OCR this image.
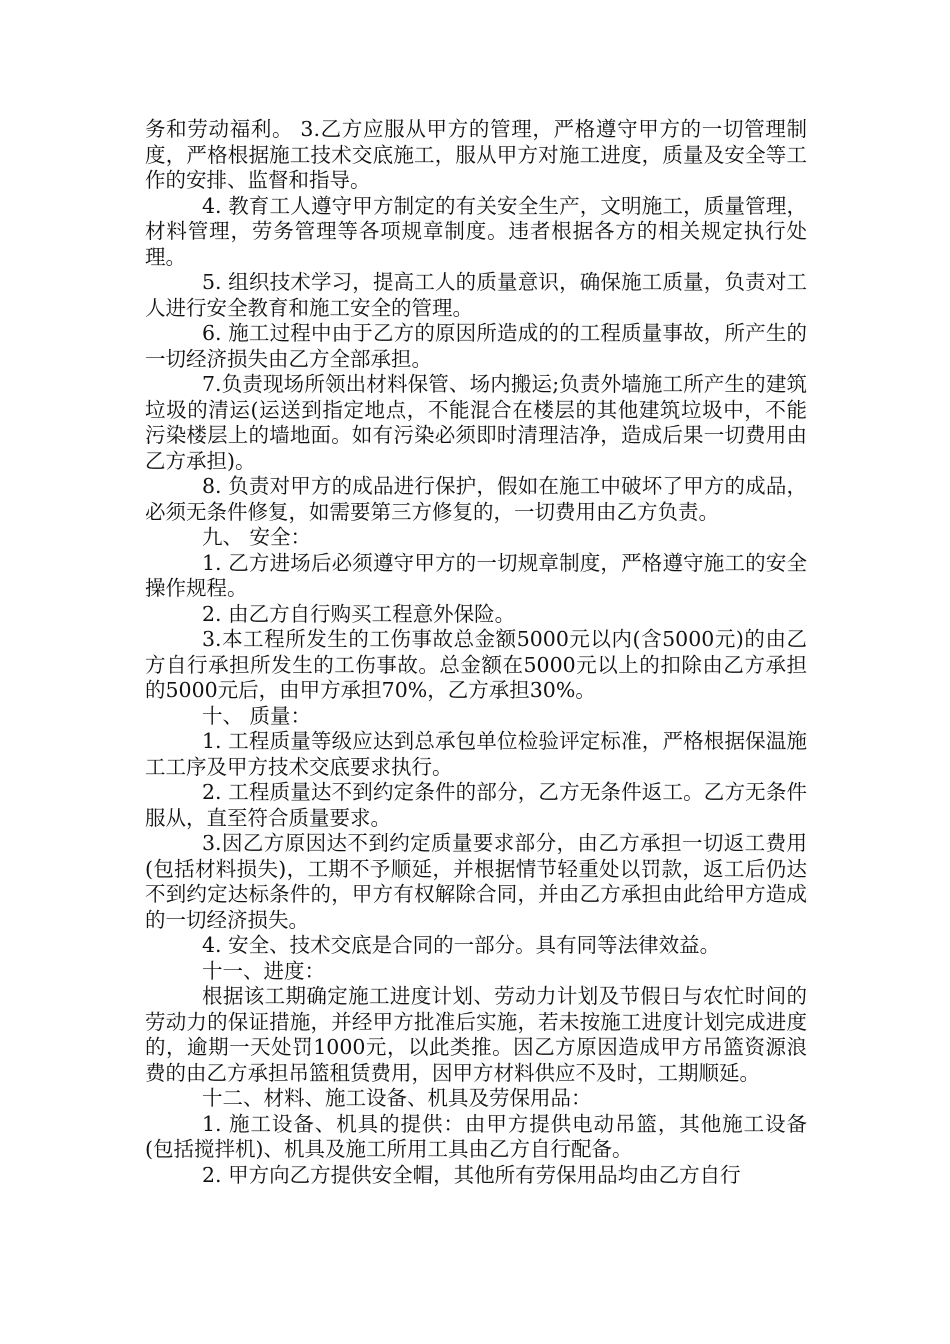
务和劳动福利。 3.乙方应服从甲方的管理，严格遵守甲方的一切管理制度，严格根据施工技术交底施工，服从甲方对施工进度，质量及安全等工作的安排、监督和指导。

4. 教育工人遵守甲方制定的有关安全生产，文明施工，质量管理，材料管理，劳务管理等各项规章制度。违者根据各方的相关规定执行处理。

5. 组织技术学习，提高工人的质量意识，确保施工质量，负责对工人进行安全教育和施工安全的管理。

6. 施工过程中由于乙方的原因所造成的的工程质量事故，所产生的一切经济损失由乙方全部承担。

7.负责现场所领出材料保管、场内搬运;负责外墙施工所产生的建筑垃圾的清运(运送到指定地点，不能混合在楼层的其他建筑垃圾中，不能污染楼层上的墙地面。如有污染必须即时清理洁净，造成后果一切费用由乙方承担)。

8. 负责对甲方的成品进行保护，假如在施工中破坏了甲方的成品，必须无条件修复，如需要第三方修复的，一切费用由乙方负责。

九、 安全：

1. 乙方进场后必须遵守甲方的一切规章制度，严格遵守施工的安全操作规程。

2. 由乙方自行购买工程意外保险。

3.本工程所发生的工伤事故总金额5000元以内(含5000元)的由乙方自行承担所发生的工伤事故。总金额在5000元以上的扣除由乙方承担的5000元后，由甲方承担70%，乙方承担30%。

十、 质量：

1. 工程质量等级应达到总承包单位检验评定标准，严格根据保温施工工序及甲方技术交底要求执行。

2. 工程质量达不到约定条件的部分，乙方无条件返工。乙方无条件服从，直至符合质量要求。

3.因乙方原因达不到约定质量要求部分，由乙方承担一切返工费用(包括材料损失)，工期不予顺延，并根据情节轻重处以罚款，返工后仍达不到约定达标条件的，甲方有权解除合同，并由乙方承担由此给甲方造成的一切经济损失。

4. 安全、技术交底是合同的一部分。具有同等法律效益。

十一、进度：

根据该工期确定施工进度计划、劳动力计划及节假日与农忙时间的劳动力的保证措施，并经甲方批准后实施，若未按施工进度计划完成进度的，逾期一天处罚1000元，以此类推。因乙方原因造成甲方吊篮资源浪费的由乙方承担吊篮租赁费用，因甲方材料供应不及时，工期顺延。

十二、材料、施工设备、机具及劳保用品：

1. 施工设备、机具的提供：由甲方提供电动吊篮，其他施工设备(包括搅拌机)、机具及施工所用工具由乙方自行配备。

2. 甲方向乙方提供安全帽，其他所有劳保用品均由乙方自行
